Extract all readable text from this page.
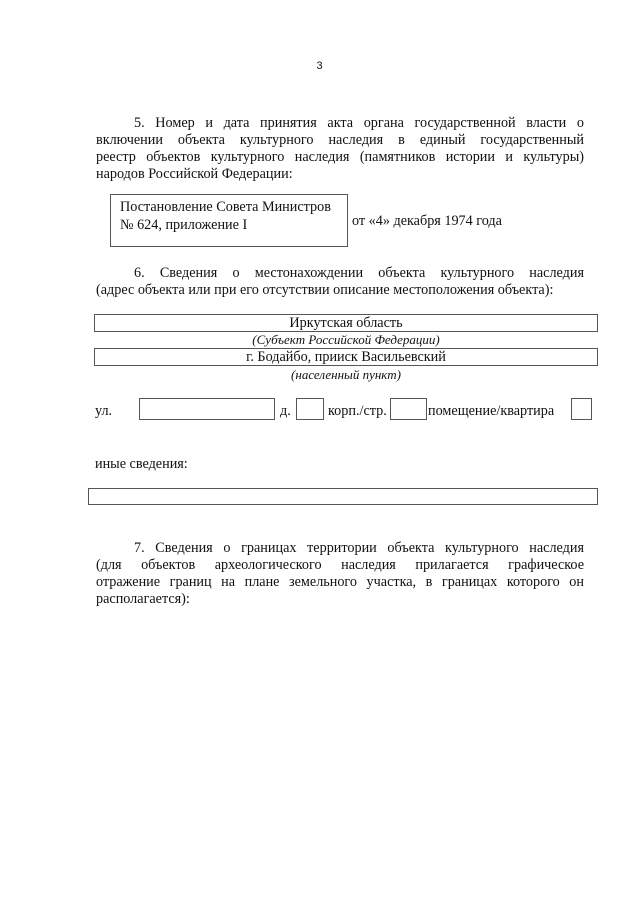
3
5. Номер и дата принятия акта органа государственной власти о
включении объекта культурного наследия в единый государственный
реестр объектов культурного наследия (памятников истории и культуры)
народов Российской Федерации:
Постановление Совета Министров
№ 624, приложение I	от «4» декабря 1974 года
6. Сведения о местонахождении объекта культурного наследия
(адрес объекта или при его отсутствии описание местоположения объекта):
Иркутская область
(Субъект Российской Федерации)
г. Бодайбо, прииск Васильевский
(населенный пункт)
ул.	д.	корп./стр.	помещение/квартира
иные сведения:
7. Сведения о границах территории объекта культурного наследия
(для объектов археологического наследия прилагается графическое
отражение границ на плане земельного участка, в границах которого он
располагается):
